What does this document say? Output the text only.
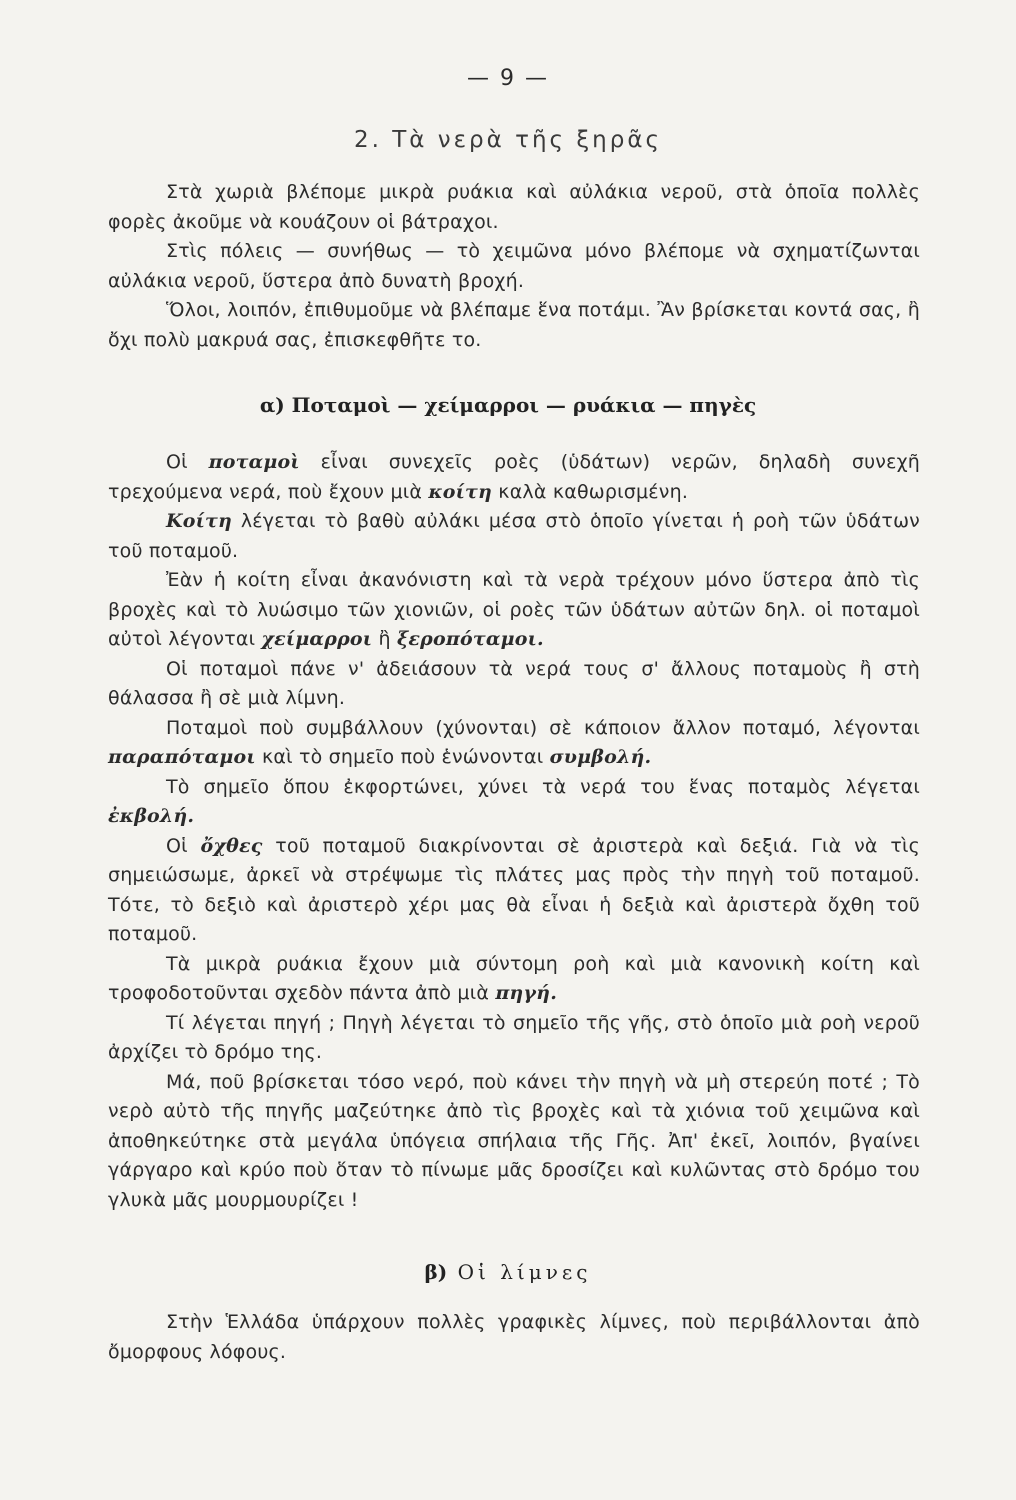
— 9 —
2. Τὰ νερὰ τῆς ξηρᾶς

Στὰ χωριὰ βλέπομε μικρὰ ρυάκια καὶ αὐλάκια νεροῦ, στὰ ὁποῖα πολλὲς φορὲς ἀκοῦμε νὰ κουάζουν οἱ βάτραχοι.

Στὶς πόλεις — συνήθως — τὸ χειμῶνα μόνο βλέπομε νὰ σχηματίζωνται αὐλάκια νεροῦ, ὕστερα ἀπὸ δυνατὴ βροχή.

Ὅλοι, λοιπόν, ἐπιθυμοῦμε νὰ βλέπαμε ἕνα ποτάμι. Ἂν βρίσκεται κοντά σας, ἢ ὄχι πολὺ μακρυά σας, ἐπισκεφθῆτε το.

α) Ποταμοὶ — χείμαρροι — ρυάκια — πηγὲς

Οἱ ποταμοὶ εἶναι συνεχεῖς ροὲς (ὑδάτων) νερῶν, δηλαδὴ συνεχῆ τρεχούμενα νερά, ποὺ ἔχουν μιὰ κοίτη καλὰ καθωρισμένη.

Κοίτη λέγεται τὸ βαθὺ αὐλάκι μέσα στὸ ὁποῖο γίνεται ἡ ροὴ τῶν ὑδάτων τοῦ ποταμοῦ.

Ἐὰν ἡ κοίτη εἶναι ἀκανόνιστη καὶ τὰ νερὰ τρέχουν μόνο ὕστερα ἀπὸ τὶς βροχὲς καὶ τὸ λυώσιμο τῶν χιονιῶν, οἱ ροὲς τῶν ὑδάτων αὐτῶν δηλ. οἱ ποταμοὶ αὐτοὶ λέγονται χείμαρροι ἢ ξεροπόταμοι.

Οἱ ποταμοὶ πάνε ν' ἀδειάσουν τὰ νερά τους σ' ἄλλους ποταμοὺς ἢ στὴ θάλασσα ἢ σὲ μιὰ λίμνη.

Ποταμοὶ ποὺ συμβάλλουν (χύνονται) σὲ κάποιον ἄλλον ποταμό, λέγονται παραπόταμοι καὶ τὸ σημεῖο ποὺ ἑνώνονται συμβολή.

Τὸ σημεῖο ὅπου ἐκφορτώνει, χύνει τὰ νερά του ἕνας ποταμὸς λέγεται ἐκβολή.

Οἱ ὄχθες τοῦ ποταμοῦ διακρίνονται σὲ ἀριστερὰ καὶ δεξιά. Γιὰ νὰ τὶς σημειώσωμε, ἀρκεῖ νὰ στρέψωμε τὶς πλάτες μας πρὸς τὴν πηγὴ τοῦ ποταμοῦ. Τότε, τὸ δεξιὸ καὶ ἀριστερὸ χέρι μας θὰ εἶναι ἡ δεξιὰ καὶ ἀριστερὰ ὄχθη τοῦ ποταμοῦ.

Τὰ μικρὰ ρυάκια ἔχουν μιὰ σύντομη ροὴ καὶ μιὰ κανονικὴ κοίτη καὶ τροφοδοτοῦνται σχεδὸν πάντα ἀπὸ μιὰ πηγή.

Τί λέγεται πηγή ; Πηγὴ λέγεται τὸ σημεῖο τῆς γῆς, στὸ ὁποῖο μιὰ ροὴ νεροῦ ἀρχίζει τὸ δρόμο της.

Μά, ποῦ βρίσκεται τόσο νερό, ποὺ κάνει τὴν πηγὴ νὰ μὴ στερεύη ποτέ ; Τὸ νερὸ αὐτὸ τῆς πηγῆς μαζεύτηκε ἀπὸ τὶς βροχὲς καὶ τὰ χιόνια τοῦ χειμῶνα καὶ ἀποθηκεύτηκε στὰ μεγάλα ὑπόγεια σπήλαια τῆς Γῆς. Ἀπ' ἐκεῖ, λοιπόν, βγαίνει γάργαρο καὶ κρύο ποὺ ὅταν τὸ πίνωμε μᾶς δροσίζει καὶ κυλῶντας στὸ δρόμο του γλυκὰ μᾶς μουρμουρίζει !

β) Οἱ λίμνες

Στὴν Ἑλλάδα ὑπάρχουν πολλὲς γραφικὲς λίμνες, ποὺ περιβάλλονται ἀπὸ ὄμορφους λόφους.
